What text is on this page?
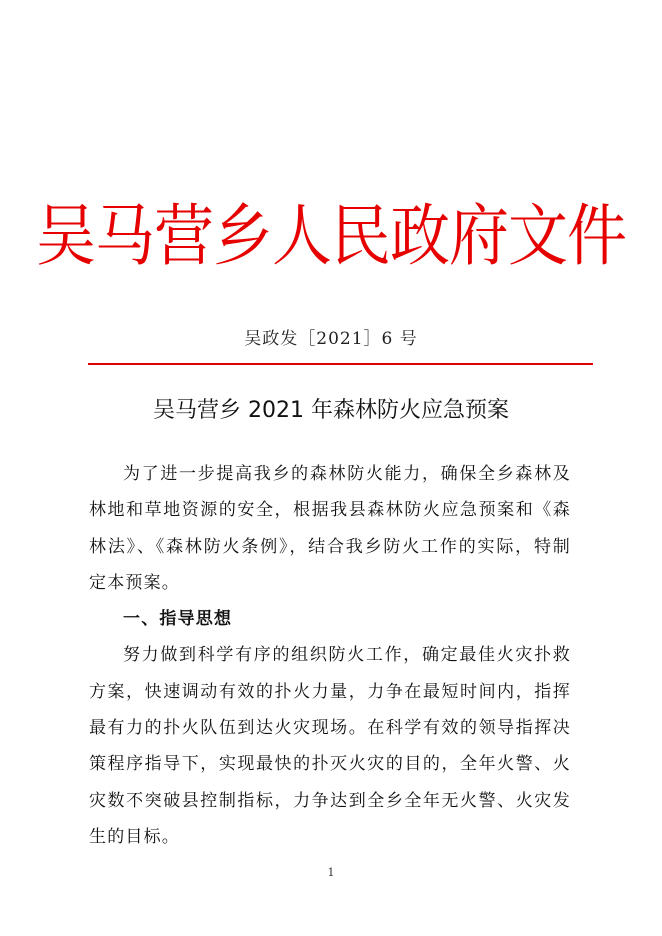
吴马营乡人民政府文件
吴政发［2021］6 号
吴马营乡 2021 年森林防火应急预案

为了进一步提高我乡的森林防火能力，确保全乡森林及林地和草地资源的安全，根据我县森林防火应急预案和《森林法》、《森林防火条例》，结合我乡防火工作的实际，特制定本预案。

一、指导思想

努力做到科学有序的组织防火工作，确定最佳火灾扑救方案，快速调动有效的扑火力量，力争在最短时间内，指挥最有力的扑火队伍到达火灾现场。在科学有效的领导指挥决策程序指导下，实现最快的扑灭火灾的目的，全年火警、火灾数不突破县控制指标，力争达到全乡全年无火警、火灾发生的目标。

1
